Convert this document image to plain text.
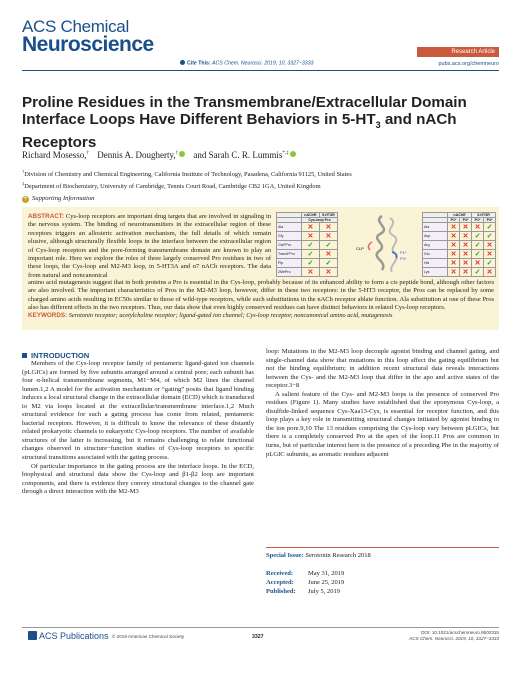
ACS Chemical
Neuroscience
Cite This: ACS Chem. Neurosci. 2019, 10, 3327−3333
Research Article
pubs.acs.org/chemneuro
Proline Residues in the Transmembrane/Extracellular Domain Interface Loops Have Different Behaviors in $5-HT_3$ and nACh Receptors
Richard Mosesso,† Dennis A. Dougherty,† and Sarah C. R. Lummis*,‡
†Division of Chemistry and Chemical Engineering, California Institute of Technology, Pasadena, California 91125, United States
‡Department of Biochemistry, University of Cambridge, Tennis Court Road, Cambridge CB2 1GA, United Kingdom
+ Supporting Information
ABSTRACT: Cys-loop receptors are important drug targets that are involved in signaling in the nervous system. The binding of neurotransmitters in the extracellular region of these receptors triggers an allosteric activation mechanism, the full details of which remain elusive, although structurally flexible loops in the interface between the extracellular region of Cys-loop receptors and the pore-forming transmembrane domain are known to play an important role. Here we explore the roles of three largely conserved Pro residues in two of these loops, the Cys-loop and M2-M3 loop, in 5-HT3A and α7 nACh receptors. The data from natural and noncanonical
	nAChR	5-HT3R
	Cys-loop Pro	
Ala	✕	✕
Gly	✕	✕
CisFPro	✓	✓
TransFPro	✓	✕
Pip	✓	✓
2MePro	✕	✕
CLP
P1*
P4*
	nAChR		5-HT3R	
	P1*	P4*	P1*	P4*
Ala	✕	✕	✕	✓
Asp	✕	✕	✓	✓
Arg	✕	✕	✓	✕
Glu	✕	✕	✓	✕
His	✕	✕	✕	✓
Lys	✕	✕	✓	✕
amino acid mutagenesis suggest that in both proteins a Pro is essential in the Cys-loop, probably because of its enhanced ability to form a cis peptide bond, although other factors are also involved. The important characteristics of Pros in the M2-M3 loop, however, differ in these two receptors: in the 5-HT3 receptor, the Pros can be replaced by some charged amino acids resulting in EC50s similar to those of wild-type receptors, while such substitutions in the nACh receptor ablate function. Ala substitution at one of these Pros also has different effects in the two receptors. Thus, our data show that even highly conserved residues can have distinct behaviors in related Cys-loop receptors.
KEYWORDS: Serotonin receptor; acetylcholine receptor; ligand-gated ion channel; Cys-loop receptor, noncanonical amino acid, mutagenesis
INTRODUCTION

Members of the Cys-loop receptor family of pentameric ligand-gated ion channels (pLGICs) are formed by five subunits arranged around a central pore; each subunit has four α-helical transmembrane segments, M1−M4, of which M2 lines the channel lumen.1,2 A model for the activation mechanism or “gating” posits that ligand binding induces a local structural change in the extracellular domain (ECD) which is transduced to M2 via loops located at the extracellular/transmembrane interface.1,2 Much structural evidence for such a gating process has come from related, pentameric bacterial receptors. However, it is difficult to know the relevance of these distantly related prokaryotic channels to eukaryotic Cys-loop receptors. The number of available structures of the latter is increasing, but it remains challenging to relate functional changes observed in structure−function studies of Cys-loop receptors to specific structural transitions associated with the gating process.

Of particular importance in the gating process are the interface loops. In the ECD, biophysical and structural data show the Cys-loop and β1-β2 loop are important components, and there is evidence they convey structural changes to the channel gate through a direct interaction with the M2-M3

loop: Mutations in the M2-M3 loop decouple agonist binding and channel gating, and single-channel data show that mutations in this loop affect the gating equilibrium but not the binding equilibrium; in addition recent structural data reveals interactions between the Cys- and the M2-M3 loop that differ in the apo and active states of the receptor.3−8

A salient feature of the Cys- and M2-M3 loops is the presence of conserved Pro residues (Figure 1). Many studies have established that the eponymous Cys-loop, a disulfide-linked sequence Cys-Xaa13-Cys, is essential for receptor function, and this loop plays a key role in transmitting structural changes initiated by agonist binding to the ion pore.9,10 The 13 residues comprising the Cys-loop vary between pLGICs, but there is a completely conserved Pro at the apex of the loop.11 Pros are common in turns, but of particular interest here is the presence of a preceding Phe in the majority of pLGIC subunits, as aromatic residues adjacent

Special Issue: Serotonin Research 2018
Received: May 31, 2019
Accepted: June 25, 2019
Published: July 5, 2019
ACS Publications © 2019 American Chemical Society	3327
DOI: 10.1021/acschemneuro.9b00315
ACS Chem. Neurosci. 2019, 10, 3327−3333
